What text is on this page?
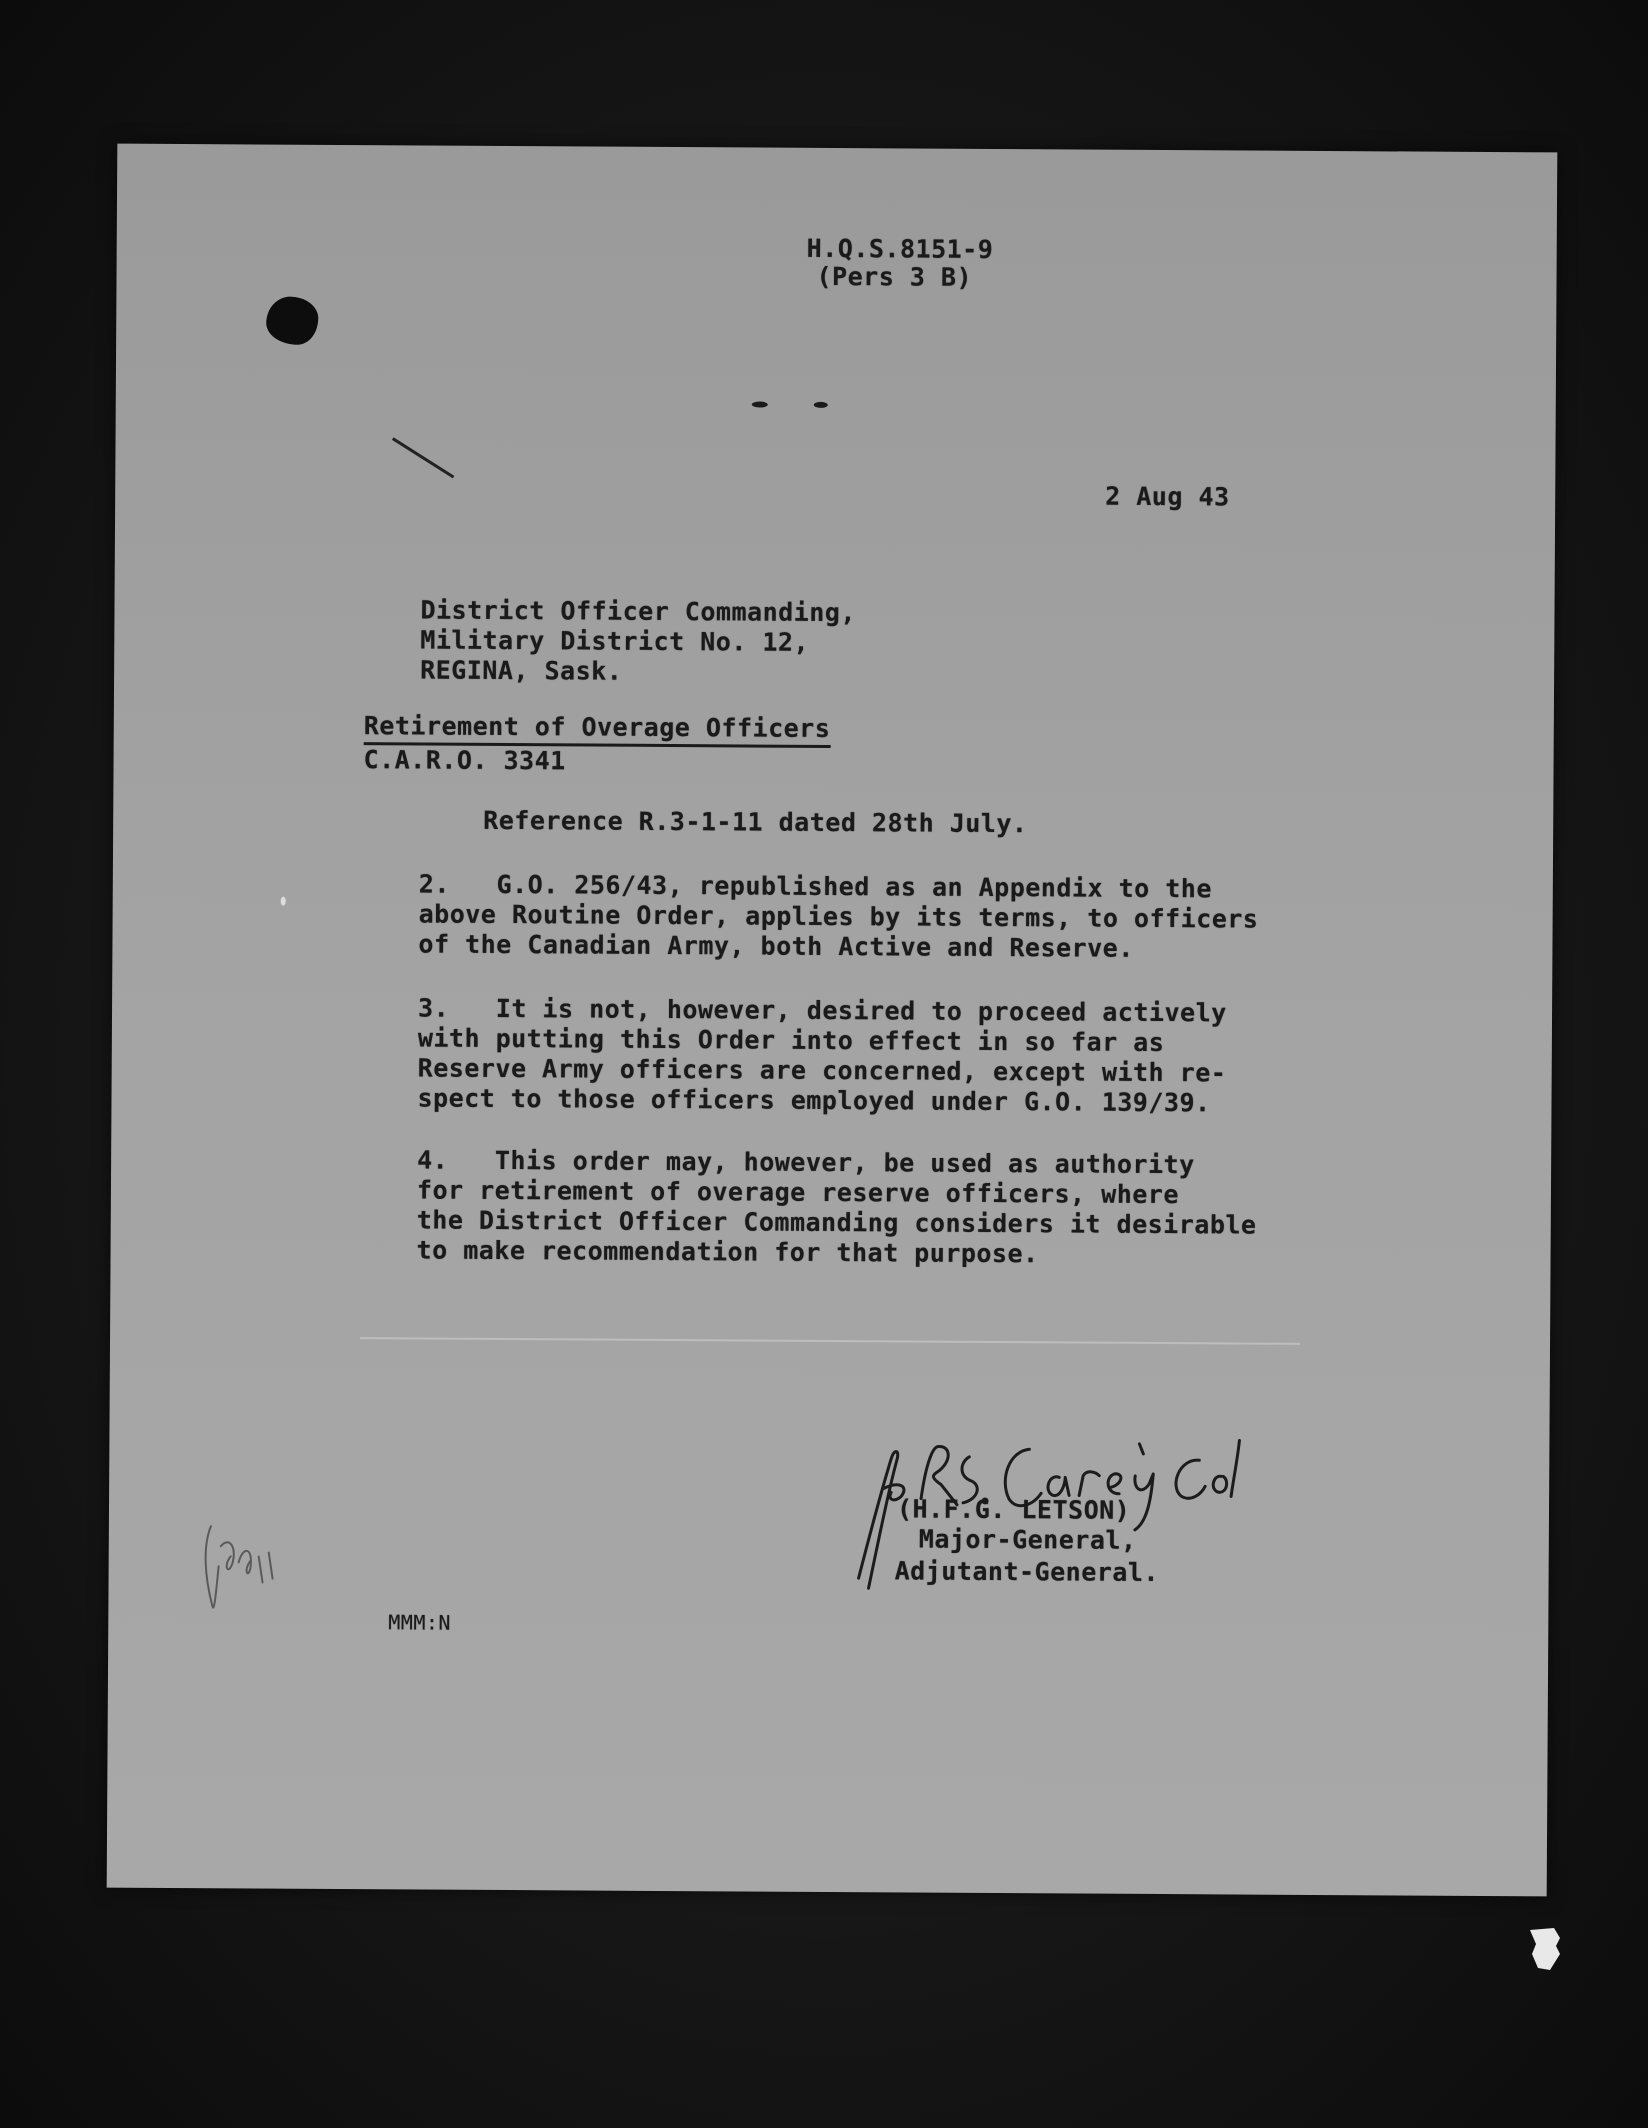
H.Q.S.8151-9
(Pers 3 B)
2 Aug 43
District Officer Commanding,
Military District No. 12,
REGINA, Sask.
Retirement of Overage Officers
C.A.R.O. 3341
Reference R.3-1-11 dated 28th July.
2.   G.O. 256/43, republished as an Appendix to the
above Routine Order, applies by its terms, to officers
of the Canadian Army, both Active and Reserve.
3.   It is not, however, desired to proceed actively
with putting this Order into effect in so far as
Reserve Army officers are concerned, except with re-
spect to those officers employed under G.O. 139/39.
4.   This order may, however, be used as authority
for retirement of overage reserve officers, where
the District Officer Commanding considers it desirable
to make recommendation for that purpose.
(H.F.G. LETSON)
Major-General,
Adjutant-General.
MMM:N
